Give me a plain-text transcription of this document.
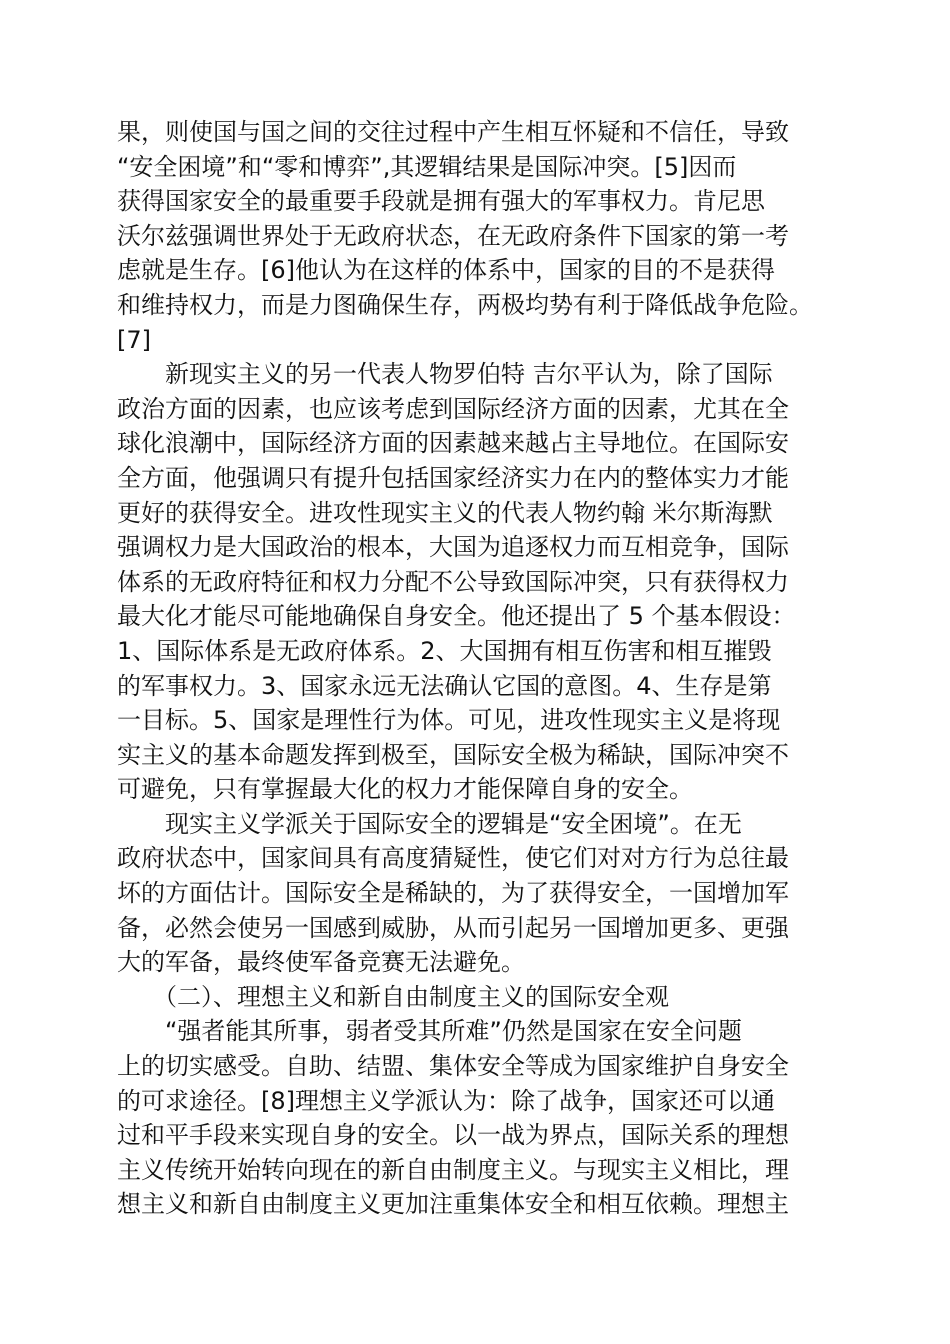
果，则使国与国之间的交往过程中产生相互怀疑和不信任，导致
“安全困境”和“零和博弈”,其逻辑结果是国际冲突。[5]因而
获得国家安全的最重要手段就是拥有强大的军事权力。肯尼思
沃尔兹强调世界处于无政府状态，在无政府条件下国家的第一考
虑就是生存。[6]他认为在这样的体系中，国家的目的不是获得
和维持权力，而是力图确保生存，两极均势有利于降低战争危险。
[7]
　　新现实主义的另一代表人物罗伯特 吉尔平认为，除了国际
政治方面的因素，也应该考虑到国际经济方面的因素，尤其在全
球化浪潮中，国际经济方面的因素越来越占主导地位。在国际安
全方面，他强调只有提升包括国家经济实力在内的整体实力才能
更好的获得安全。进攻性现实主义的代表人物约翰 米尔斯海默
强调权力是大国政治的根本，大国为追逐权力而互相竞争，国际
体系的无政府特征和权力分配不公导致国际冲突，只有获得权力
最大化才能尽可能地确保自身安全。他还提出了 5 个基本假设：
1、国际体系是无政府体系。2、大国拥有相互伤害和相互摧毁
的军事权力。3、国家永远无法确认它国的意图。4、生存是第
一目标。5、国家是理性行为体。可见，进攻性现实主义是将现
实主义的基本命题发挥到极至，国际安全极为稀缺，国际冲突不
可避免，只有掌握最大化的权力才能保障自身的安全。
　　现实主义学派关于国际安全的逻辑是“安全困境”。在无
政府状态中，国家间具有高度猜疑性，使它们对对方行为总往最
坏的方面估计。国际安全是稀缺的，为了获得安全，一国增加军
备，必然会使另一国感到威胁，从而引起另一国增加更多、更强
大的军备，最终使军备竞赛无法避免。
　　（二）、理想主义和新自由制度主义的国际安全观
　　“强者能其所事，弱者受其所难”仍然是国家在安全问题
上的切实感受。自助、结盟、集体安全等成为国家维护自身安全
的可求途径。[8]理想主义学派认为：除了战争，国家还可以通
过和平手段来实现自身的安全。以一战为界点，国际关系的理想
主义传统开始转向现在的新自由制度主义。与现实主义相比，理
想主义和新自由制度主义更加注重集体安全和相互依赖。理想主
